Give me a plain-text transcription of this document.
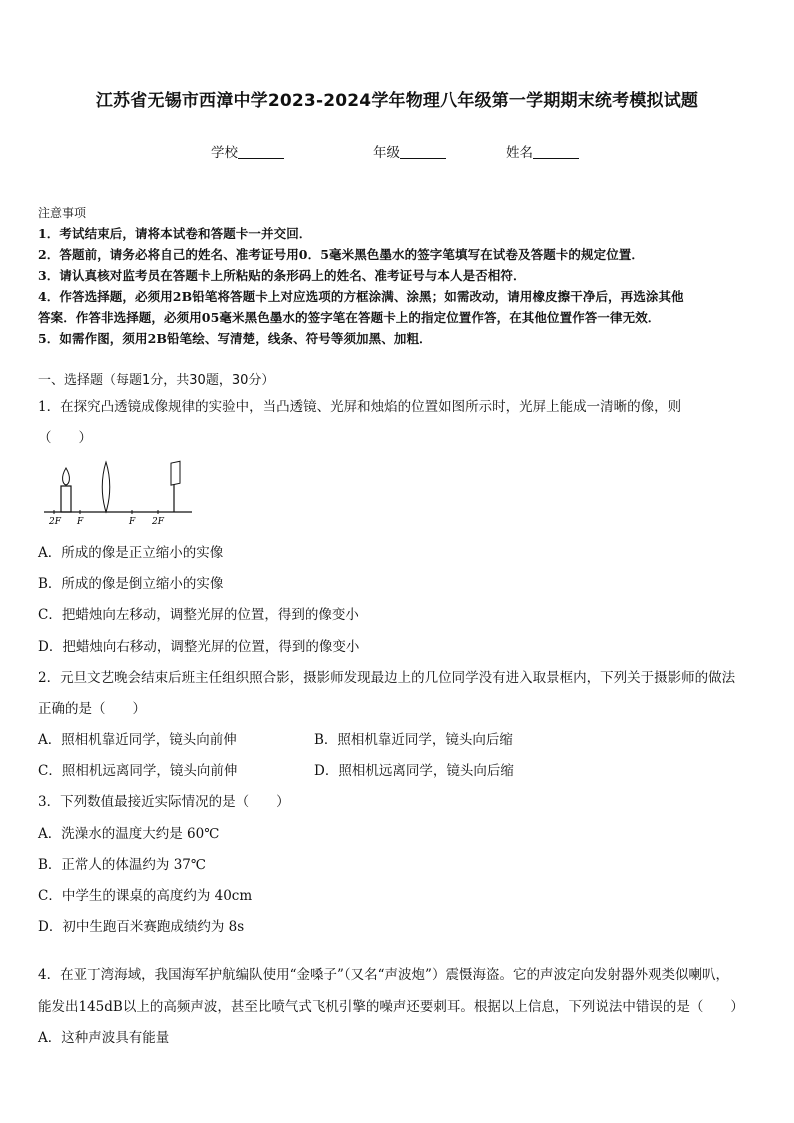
江苏省无锡市西漳中学2023-2024学年物理八年级第一学期期末统考模拟试题
学校	年级	姓名
注意事项
1．考试结束后，请将本试卷和答题卡一并交回．
2．答题前，请务必将自己的姓名、准考证号用0．5毫米黑色墨水的签字笔填写在试卷及答题卡的规定位置．
3．请认真核对监考员在答题卡上所粘贴的条形码上的姓名、准考证号与本人是否相符．
4．作答选择题，必须用2B铅笔将答题卡上对应选项的方框涂满、涂黑；如需改动，请用橡皮擦干净后，再选涂其他
答案．作答非选择题，必须用05毫米黑色墨水的签字笔在答题卡上的指定位置作答，在其他位置作答一律无效．
5．如需作图，须用2B铅笔绘、写清楚，线条、符号等须加黑、加粗．
一、选择题（每题1分，共30题，30分）
1．在探究凸透镜成像规律的实验中，当凸透镜、光屏和烛焰的位置如图所示时，光屏上能成一清晰的像，则
（　　）
2F F	F 2F
A．所成的像是正立缩小的实像
B．所成的像是倒立缩小的实像
C．把蜡烛向左移动，调整光屏的位置，得到的像变小
D．把蜡烛向右移动，调整光屏的位置，得到的像变小
2．元旦文艺晚会结束后班主任组织照合影，摄影师发现最边上的几位同学没有进入取景框内，下列关于摄影师的做法
正确的是（　　）
A．照相机靠近同学，镜头向前伸	B．照相机靠近同学，镜头向后缩
C．照相机远离同学，镜头向前伸	D．照相机远离同学，镜头向后缩
3．下列数值最接近实际情况的是（　　）
A．洗澡水的温度大约是 60℃
B．正常人的体温约为 37℃
C．中学生的课桌的高度约为 40cm
D．初中生跑百米赛跑成绩约为 8s
4．在亚丁湾海域，我国海军护航编队使用“金嗓子”（又名“声波炮”）震慑海盗。它的声波定向发射器外观类似喇叭，
能发出145dB以上的高频声波，甚至比喷气式飞机引擎的噪声还要刺耳。根据以上信息，下列说法中错误的是（　　）
A．这种声波具有能量
